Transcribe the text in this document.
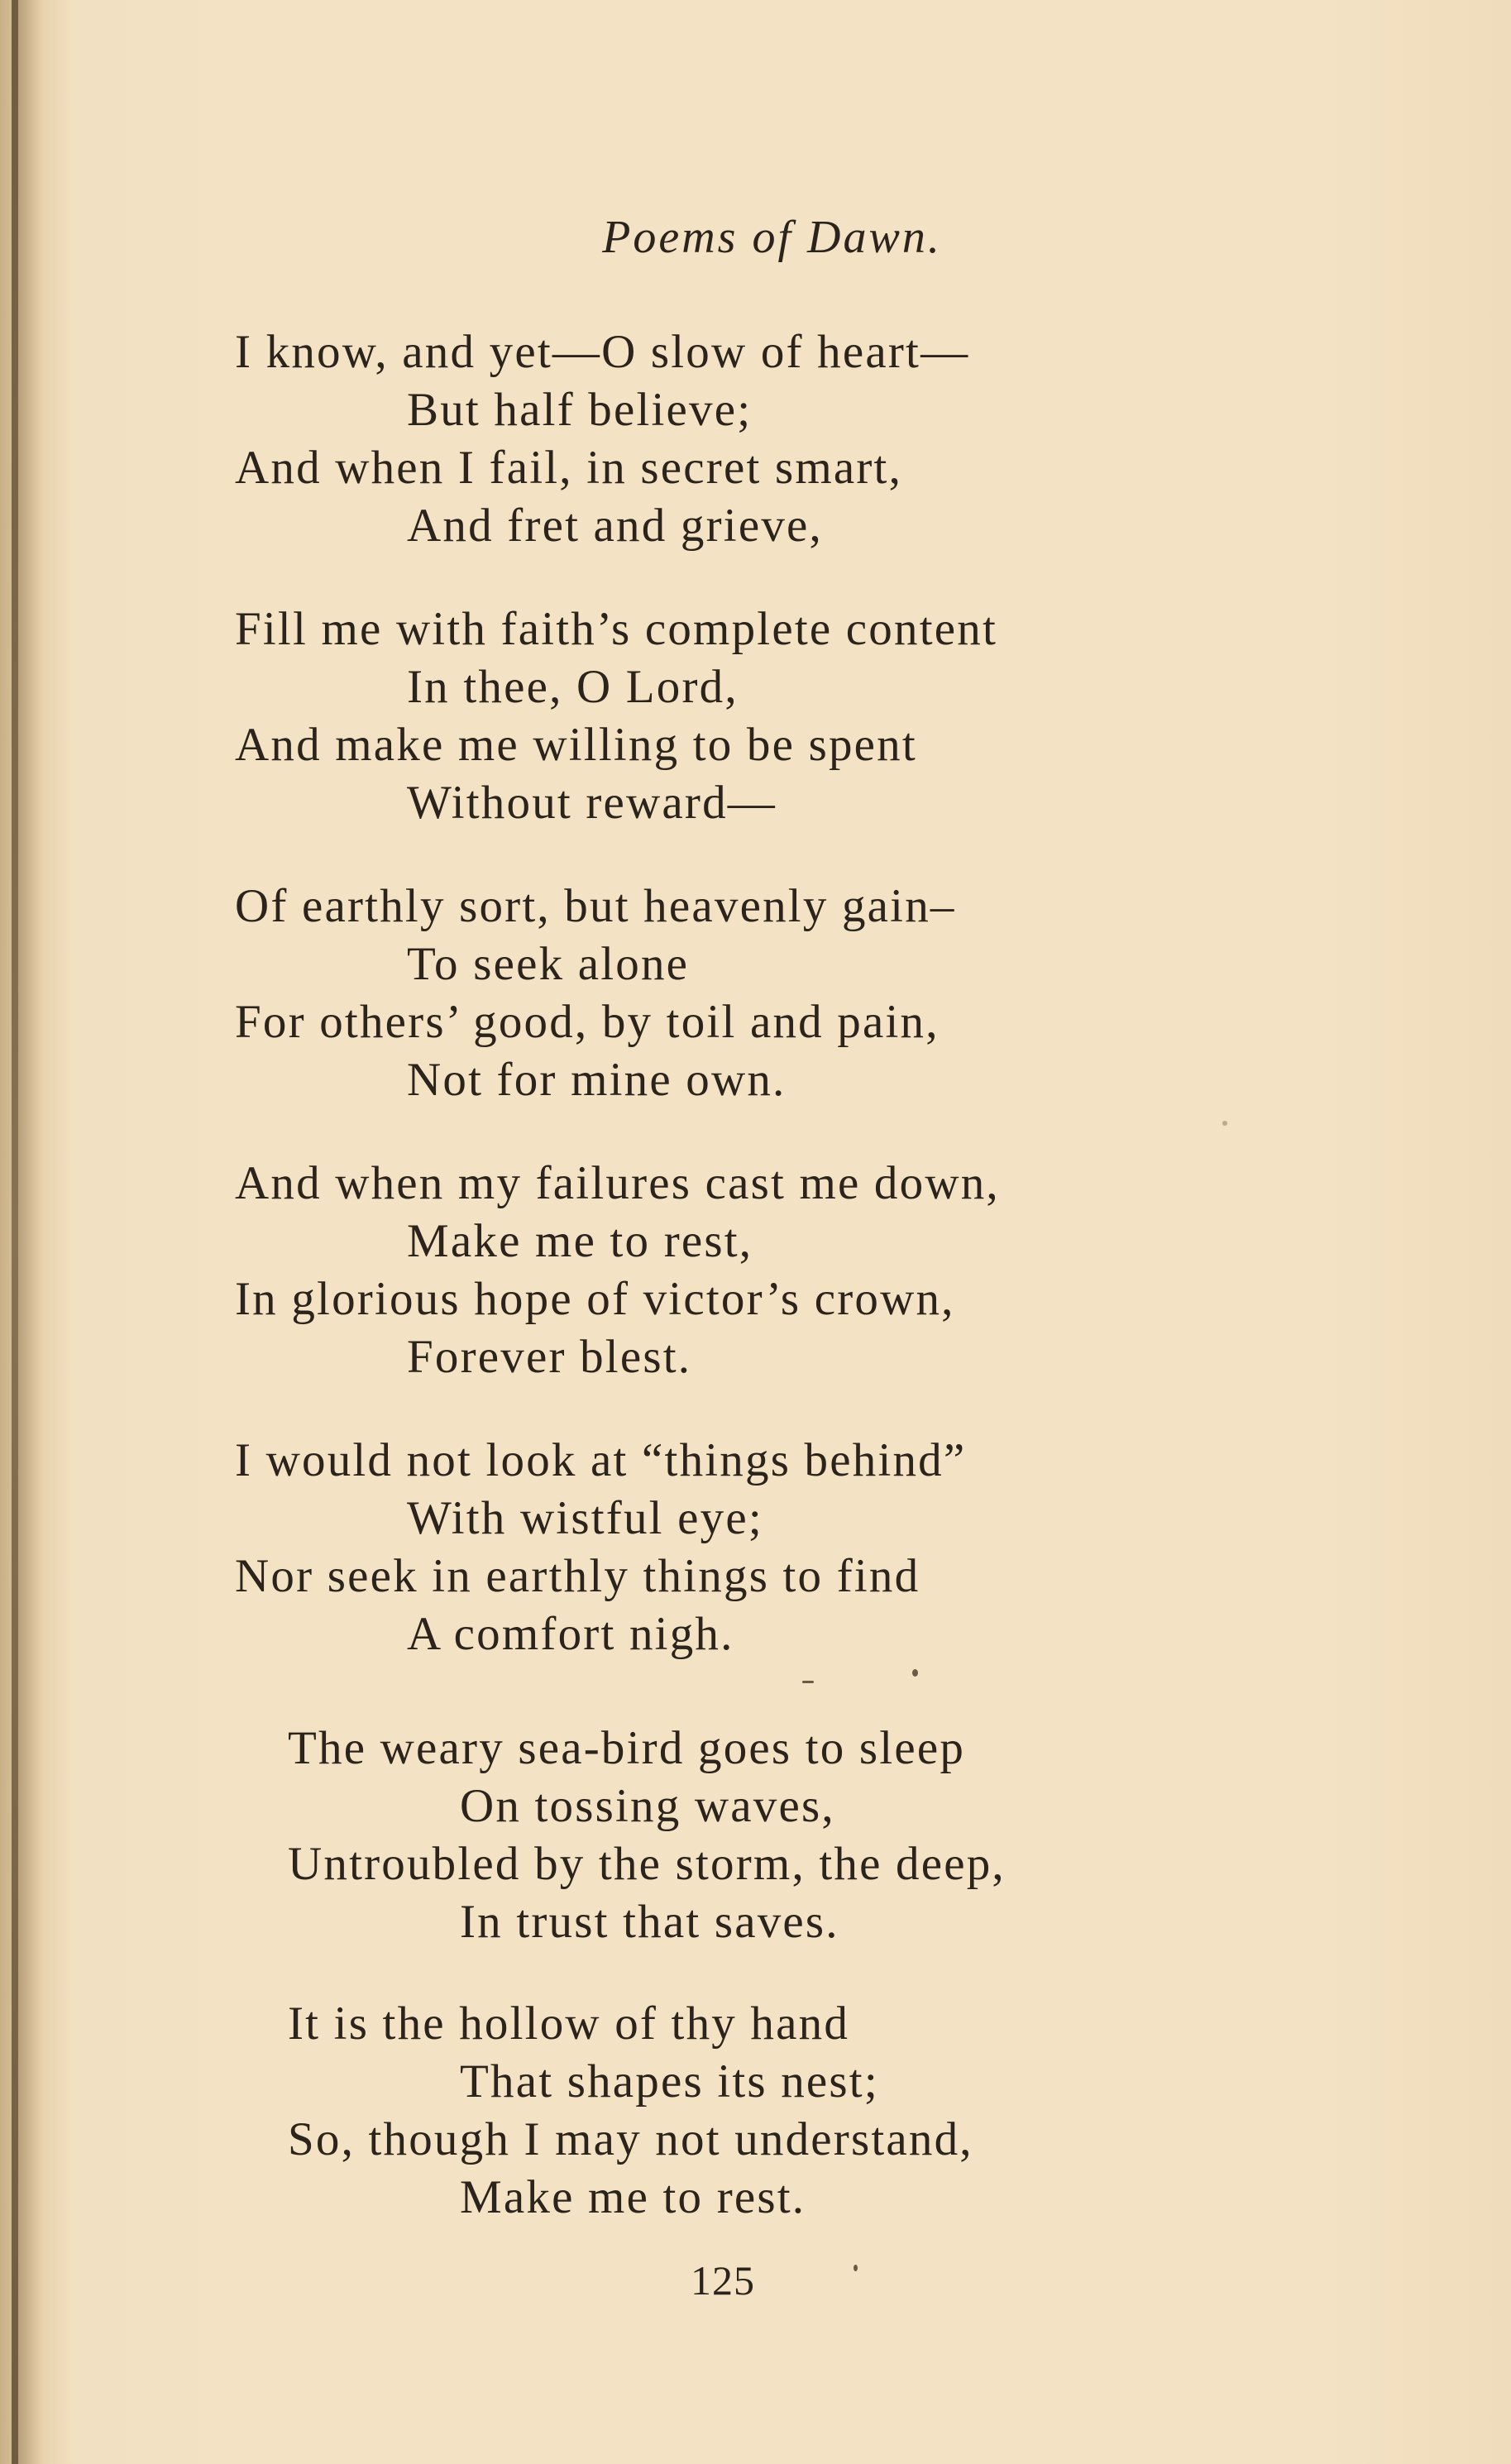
Poems of Dawn.
I know, and yet—O slow of heart—
But half believe;
And when I fail, in secret smart,
And fret and grieve,
Fill me with faith’s complete content
In thee, O Lord,
And make me willing to be spent
Without reward—
Of earthly sort, but heavenly gain–
To seek alone
For others’ good, by toil and pain,
Not for mine own.
And when my failures cast me down,
Make me to rest,
In glorious hope of victor’s crown,
Forever blest.
I would not look at “things behind”
With wistful eye;
Nor seek in earthly things to find
A comfort nigh.
The weary sea-bird goes to sleep
On tossing waves,
Untroubled by the storm, the deep,
In trust that saves.
It is the hollow of thy hand
That shapes its nest;
So, though I may not understand,
Make me to rest.
125
